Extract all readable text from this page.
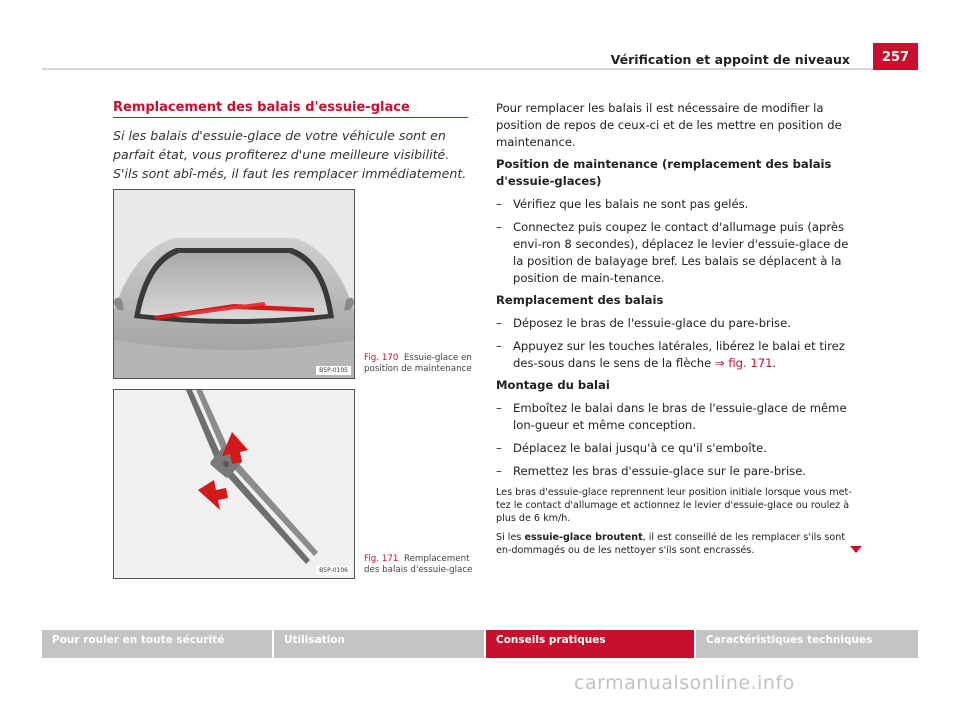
Vérification et appoint de niveaux	257
Remplacement des balais d'essuie-glace
Si les balais d'essuie-glace de votre véhicule sont en parfait état, vous profiterez d'une meilleure visibilité. S'ils sont abî-més, il faut les remplacer immédiatement.
B5P-0105
Fig. 170 Essuie-glace en position de maintenance
B5P-0106
Fig. 171 Remplacement des balais d'essuie-glace

Pour remplacer les balais il est nécessaire de modifier la position de repos de ceux-ci et de les mettre en position de maintenance.

Position de maintenance (remplacement des balais d'essuie-glaces)

– Vérifiez que les balais ne sont pas gelés.

– Connectez puis coupez le contact d'allumage puis (après envi-ron 8 secondes), déplacez le levier d'essuie-glace de la position de balayage bref. Les balais se déplacent à la position de main-tenance.

Remplacement des balais

– Déposez le bras de l'essuie-glace du pare-brise.

– Appuyez sur les touches latérales, libérez le balai et tirez des-sous dans le sens de la flèche ⇒ fig. 171.

Montage du balai

– Emboîtez le balai dans le bras de l'essuie-glace de même lon-gueur et même conception.

– Déplacez le balai jusqu'à ce qu'il s'emboîte.

– Remettez les bras d'essuie-glace sur le pare-brise.

Les bras d'essuie-glace reprennent leur position initiale lorsque vous met-tez le contact d'allumage et actionnez le levier d'essuie-glace ou roulez à plus de 6 km/h.

Si les essuie-glace broutent, il est conseillé de les remplacer s'ils sont en-dommagés ou de les nettoyer s'ils sont encrassés.

Pour rouler en toute sécurité	Utilisation	Conseils pratiques	Caractéristiques techniques
carmanualsonline.info
